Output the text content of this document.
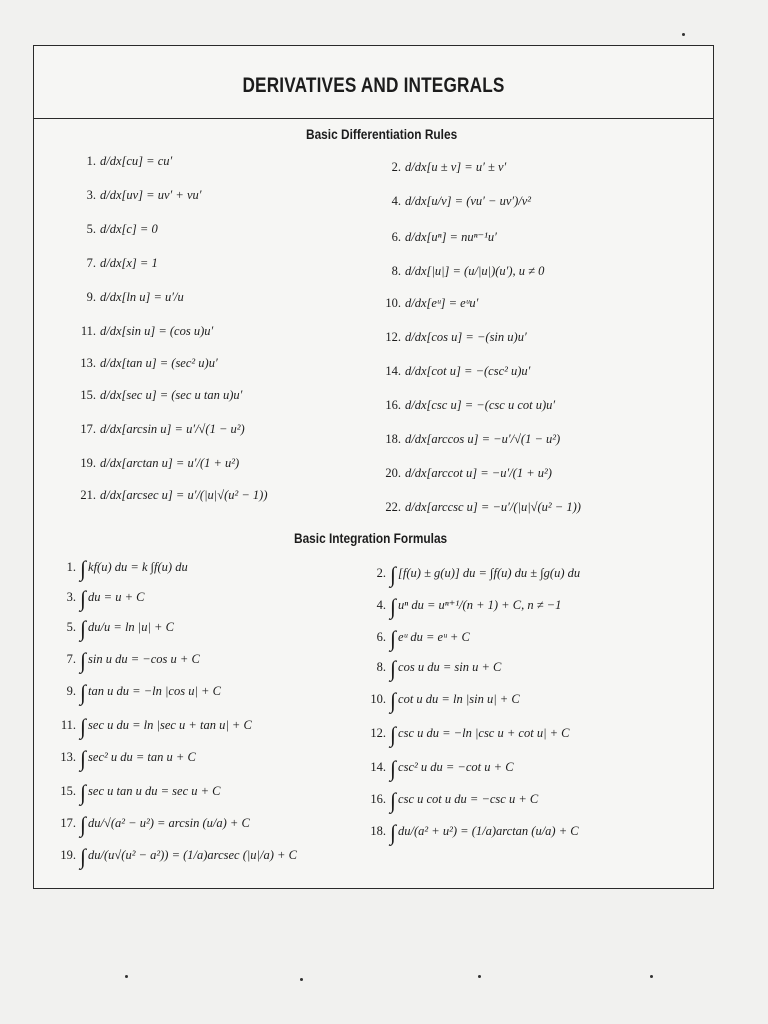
DERIVATIVES AND INTEGRALS
Basic Differentiation Rules
1. d/dx[cu] = cu′	2. d/dx[u ± v] = u′ ± v′
3. d/dx[uv] = uv′ + vu′	4. d/dx[u/v] = (vu′ − uv′)/v²
5. d/dx[c] = 0
6. d/dx[uⁿ] = nuⁿ⁻¹u′
7. d/dx[x] = 1
8. d/dx[|u|] = (u/|u|)(u′), u ≠ 0
9. d/dx[ln u] = u′/u	10. d/dx[eᵘ] = eᵘu′
11. d/dx[sin u] = (cos u)u′	12. d/dx[cos u] = −(sin u)u′
13. d/dx[tan u] = (sec² u)u′
14. d/dx[cot u] = −(csc² u)u′
15. d/dx[sec u] = (sec u tan u)u′
16. d/dx[csc u] = −(csc u cot u)u′
17. d/dx[arcsin u] = u′/√(1 − u²)
18. d/dx[arccos u] = −u′/√(1 − u²)
19. d/dx[arctan u] = u′/(1 + u²)
20. d/dx[arccot u] = −u′/(1 + u²)
21. d/dx[arcsec u] = u′/(|u|√(u² − 1))
22. d/dx[arccsc u] = −u′/(|u|√(u² − 1))
Basic Integration Formulas
1. ∫ kf(u) du = k ∫f(u) du	2. ∫ [f(u) ± g(u)] du = ∫f(u) du ± ∫g(u) du
3. ∫ du = u + C
4. ∫ uⁿ du = uⁿ⁺¹/(n + 1) + C, n ≠ −1
5. ∫ du/u = ln |u| + C
6. ∫ eᵘ du = eᵘ + C
7. ∫ sin u du = −cos u + C
8. ∫ cos u du = sin u + C
9. ∫ tan u du = −ln |cos u| + C
10. ∫ cot u du = ln |sin u| + C
11. ∫ sec u du = ln |sec u + tan u| + C
12. ∫ csc u du = −ln |csc u + cot u| + C
13. ∫ sec² u du = tan u + C
14. ∫ csc² u du = −cot u + C
15. ∫ sec u tan u du = sec u + C
16. ∫ csc u cot u du = −csc u + C
17. ∫ du/√(a² − u²) = arcsin (u/a) + C
18. ∫ du/(a² + u²) = (1/a)arctan (u/a) + C
19. ∫ du/(u√(u² − a²)) = (1/a)arcsec (|u|/a) + C
